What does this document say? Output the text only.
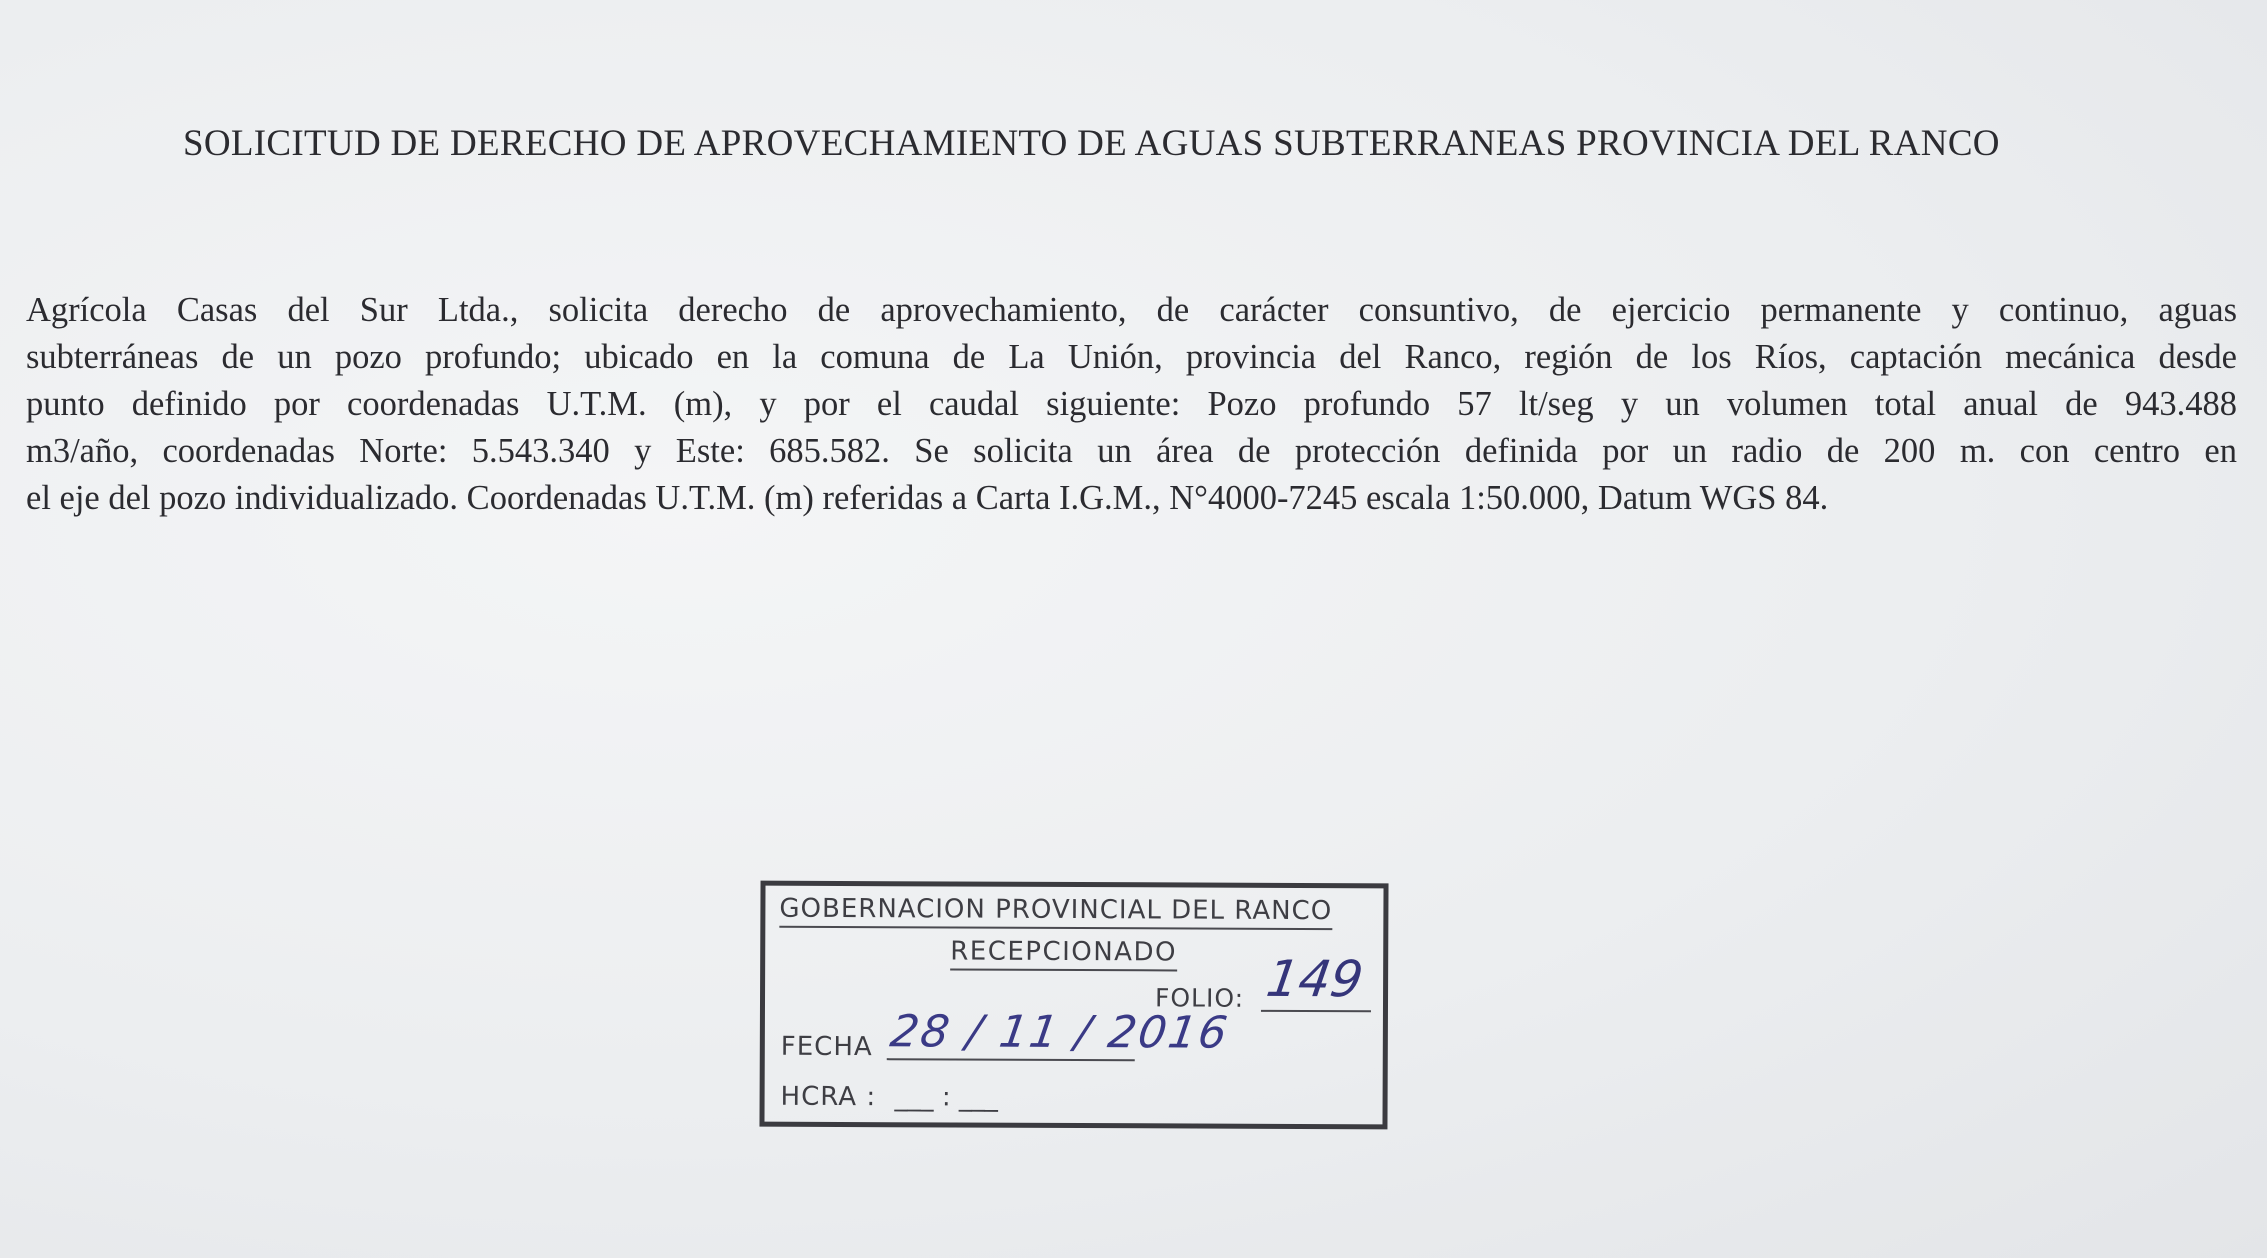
SOLICITUD DE DERECHO DE APROVECHAMIENTO DE AGUAS SUBTERRANEAS PROVINCIA DEL RANCO
Agrícola Casas del Sur Ltda., solicita derecho de aprovechamiento, de carácter consuntivo, de ejercicio permanente y continuo, aguas
subterráneas de un pozo profundo; ubicado en la comuna de La Unión, provincia del Ranco, región de los Ríos, captación mecánica desde
punto definido por coordenadas U.T.M. (m), y por el caudal siguiente: Pozo profundo 57 lt/seg y un volumen total anual de 943.488
m3/año, coordenadas Norte: 5.543.340 y Este: 685.582. Se solicita un área de protección definida por un radio de 200 m. con centro en
el eje del pozo individualizado. Coordenadas U.T.M. (m) referidas a Carta I.G.M., N°4000-7245 escala 1:50.000, Datum WGS 84.
GOBERNACION PROVINCIAL DEL RANCO
RECEPCIONADO
FOLIO: 149
FECHA 28 / 11 / 2016
HCRA : ___ : ___
